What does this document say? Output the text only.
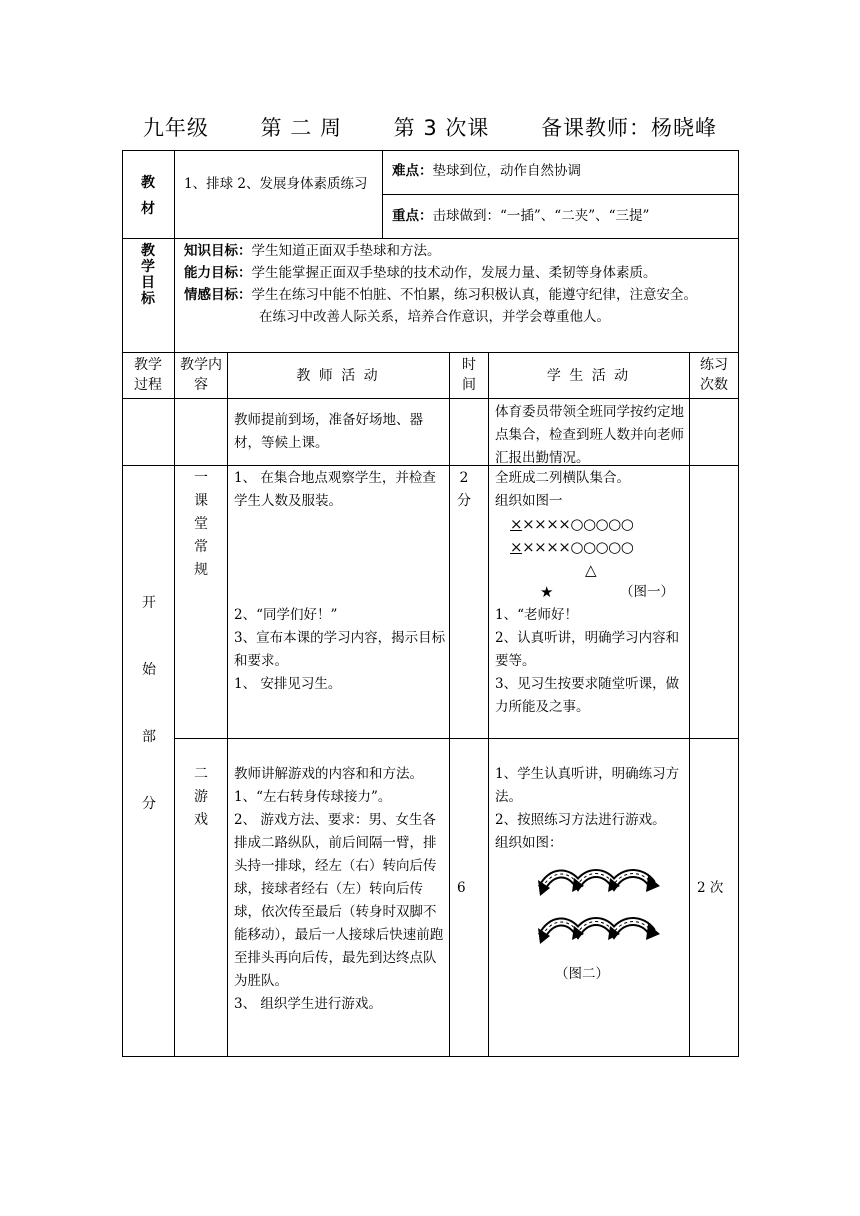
九年级 第 二 周 第 3 次课 备课教师：杨晓峰
教
材
1、排球 2、发展身体素质练习
难点：垫球到位，动作自然协调
重点：击球做到：“一插”、“二夹”、“三提”
教学目标
知识目标：学生知道正面双手垫球和方法。
能力目标：学生能掌握正面双手垫球的技术动作，发展力量、柔韧等身体素质。
情感目标：学生在练习中能不怕脏、不怕累，练习积极认真，能遵守纪律，注意安全。
在练习中改善人际关系，培养合作意识，并学会尊重他人。
教学过程
教学内容
教 师 活 动
时间
学 生 活 动
练习次数
教师提前到场，准备好场地、器材，等候上课。
体育委员带领全班同学按约定地点集合，检查到班人数并向老师汇报出勤情况。
开始部分
一课堂常规
1、 在集合地点观察学生，并检查学生人数及服装。
2、“同学们好！”
3、宣布本课的学习内容，揭示目标和要求。
1、 安排见习生。
2分
全班成二列横队集合。
组织如图一
×××××○○○○○
×××××○○○○○
△
★	（图一）
1、“老师好！
2、认真听讲，明确学习内容和要等。
3、见习生按要求随堂听课，做力所能及之事。
二游戏
教师讲解游戏的内容和和方法。
1、“左右转身传球接力”。
2、 游戏方法、要求：男、女生各排成二路纵队，前后间隔一臂，排头持一排球，经左（右）转向后传球，接球者经右（左）转向后传球，依次传至最后（转身时双脚不能移动），最后一人接球后快速前跑至排头再向后传，最先到达终点队为胜队。
3、 组织学生进行游戏。
6
1、学生认真听讲，明确练习方法。
2、按照练习方法进行游戏。
组织如图：
（图二）
2 次
